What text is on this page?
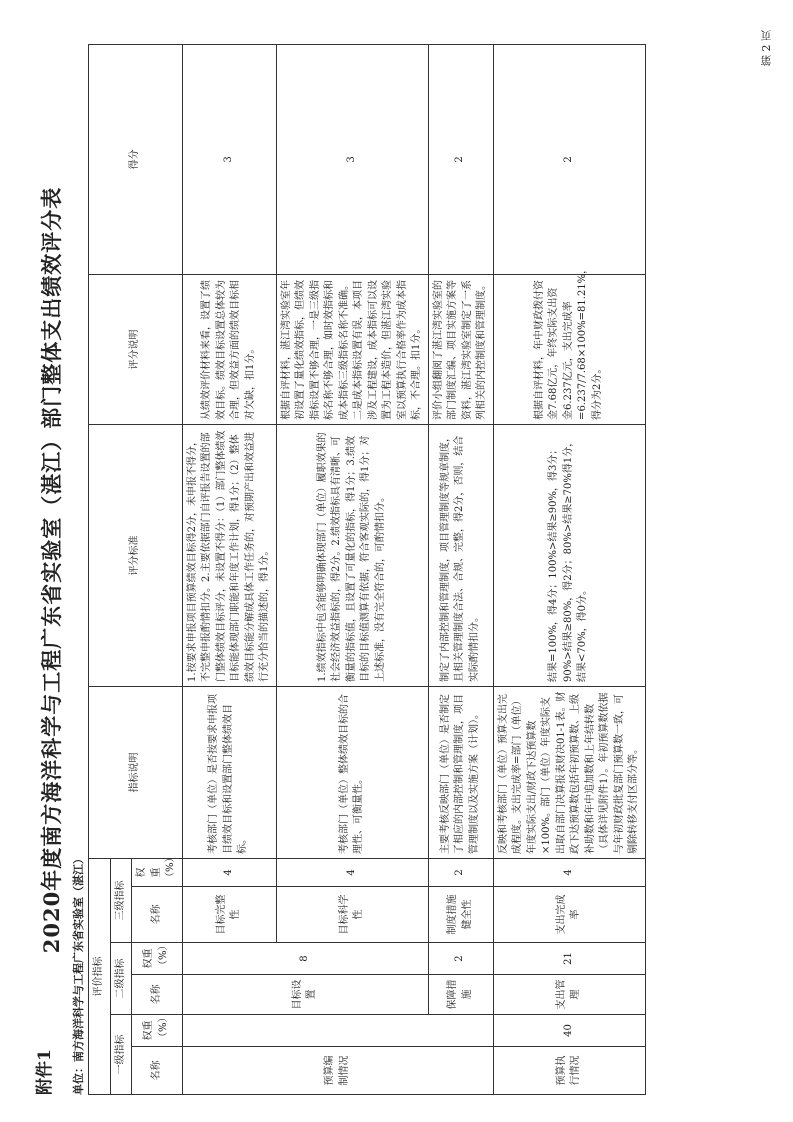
附件1
2020年度南方海洋科学与工程广东省实验室（湛江）部门整体支出绩效评分表
单位：南方海洋科学与工程广东省实验室（湛江） 评价指标						指标说明	评分标准	评分说明	得分
一级指标		二级指标		三级指标					
名称	权重（%）	名称	权重（%）	名称	权重（%）				
预算编制情况		目标设置	8	目标完整性	4	考核部门（单位）是否按要求申报项目绩效目标和设置部门整体绩效目标。	1.按要求申报项目预算绩效目标得2分，未申报不得分，不完整申报酌情扣分。2.主要依据部门自评报告设置的部门整体绩效目标评分，未设置不得分：（1）部门整体绩效目标能体现部门职能和年度工作计划，得1分；（2）整体绩效目标能分解成具体工作任务的，对预期产出和效益进行充分恰当的描述的，得1分。	从绩效评价材料来看，设置了绩效目标。绩效目标设置总体较为合理，但效益方面的绩效目标相对欠缺，扣1分。	3
				目标科学性	4	考核部门（单位）整体绩效目标的合理性、可衡量性。	1.绩效指标中包含能够明确体现部门（单位）履职效果的社会经济效益指标的，得2分。2.绩效指标具有清晰、可衡量的指标值，且设置了可量化的指标，得1分；3.绩效目标的目标值测算有依据，符合客观实际的，得1分；对上述标准，没有完全符合的，可酌情扣分。	根据自评材料，湛江湾实验室年初设置了量化绩效指标，但绩效指标设置不够合理，一是三级指标名称不够合理，如时效指标和成本指标三级指标名称不准确。二是成本指标设置有误，本项目涉及工程建设，成本指标可以设置为工程本造价，但湛江湾实验室以预算执行合格率作为成本指标，不合理。扣1分。	3
		保障措施	2	制度措施健全性	2	主要考核反映部门（单位）是否制定了相应的内部控制和管理制度，项目管理制度以及实施方案（计划）。	制定了内部控制和管理制度，项目管理制度等规章制度，且相关管理制度合法、合规、完整，得2分，否则，结合实际酌情扣分。	评价小组翻阅了湛江湾实验室的部门制度汇编、项目实施方案等资料，湛江湾实验室制定了一系列相关的内控制度和管理制度。	2
预算执行情况	40	支出管理	21	支出完成率	4	反映和考核部门（单位）预算支出完成程度。支出完成率=部门（单位）年度实际支出/财政下达预算数×100%。部门（单位）年度实际支出取自部门决算报表财决01-1表。财政下达预算数包括年初预算数、上级补助数和年中追加数和上年结转数（具体详见附件1）。年初预算数依据与年初财政批复部门预算数一致，可剔除转移支付区部分等。	结果=100%，得4分；100%>结果≥90%，得3分；90%>结果≥80%，得2分；80%>结果≥70%得1分，结果<70%，得0分。	根据自评材料，年中财政拨付资金7.68亿元，年终实际支出资金6.237亿元，支出完成率=6.237/7.68×100%=81.21%，得分为2分。	2
第 2 页
